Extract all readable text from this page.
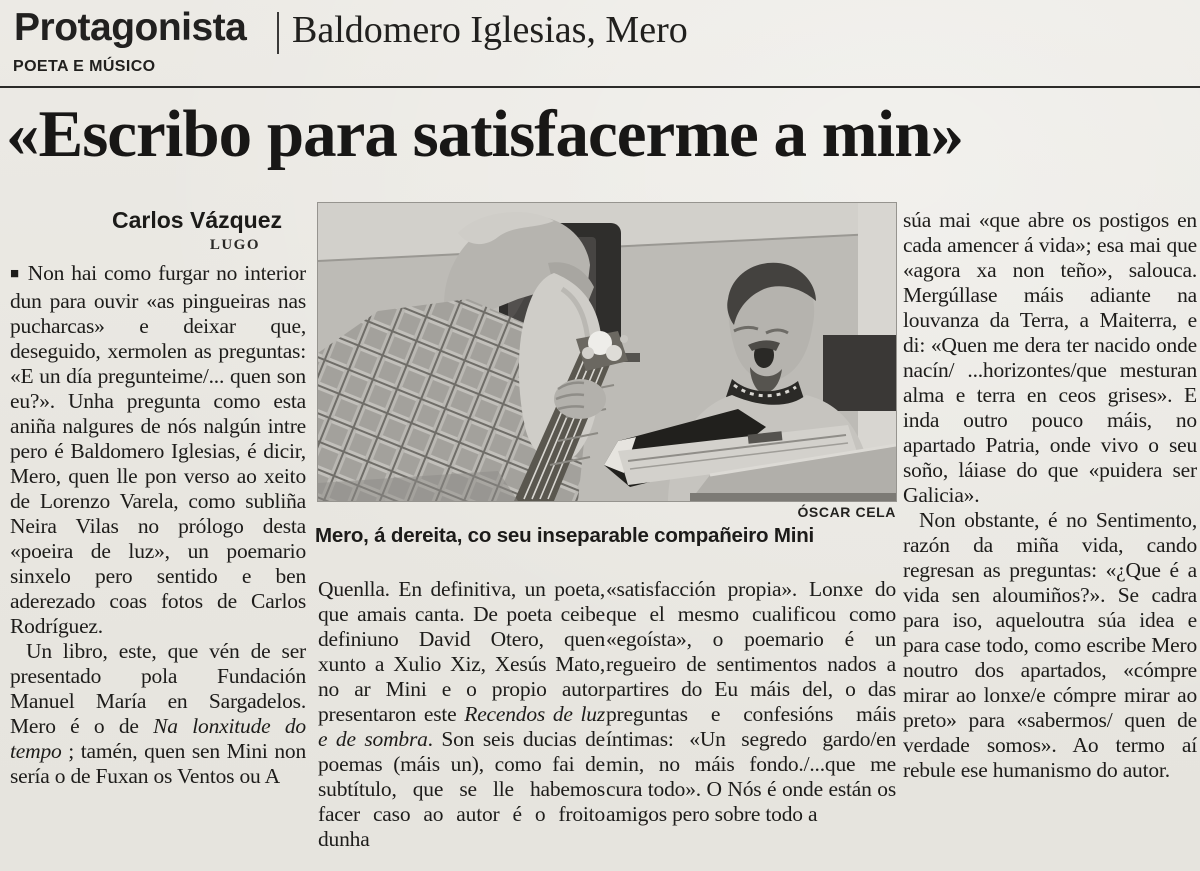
Protagonista Baldomero Iglesias, Mero
POETA E MÚSICO
«Escribo para satisfacerme a min»
Carlos Vázquez
LUGO

■ Non hai como furgar no interior dun para ouvir «as pingueiras nas pucharcas» e deixar que, deseguido, xermolen as preguntas: «E un día pregunteime/... quen son eu?». Unha pregunta como esta aniña nalgures de nós nalgún intre pero é Baldomero Iglesias, é dicir, Mero, quen lle pon verso ao xeito de Lorenzo Varela, como subliña Neira Vilas no prólogo desta «poeira de luz», un poemario sinxelo pero sentido e ben aderezado coas fotos de Carlos Rodríguez.

Un libro, este, que vén de ser presentado pola Fundación Manuel María en Sargadelos. Mero é o de Na lonxitude do tempo ; tamén, quen sen Mini non sería o de Fuxan os Ventos ou A

ÓSCAR CELA
Mero, á dereita, co seu inseparable compañeiro Mini

Quenlla. En definitiva, un poeta, que amais canta. De poeta ceibe definiuno David Otero, quen xunto a Xulio Xiz, Xesús Mato, no ar Mini e o propio autor presentaron este Recendos de luz e de sombra. Son seis ducias de poemas (máis un), como fai de subtítulo, que se lle habemos facer caso ao autor é o froito dunha

«satisfacción propia». Lonxe do que el mesmo cualificou como «egoísta», o poemario é un regueiro de sentimentos nados a partires do Eu máis del, o das preguntas e confesións máis íntimas: «Un segredo gardo/en min, no máis fondo./...que me cura todo». O Nós é onde están os amigos pero sobre todo a

súa mai «que abre os postigos en cada amencer á vida»; esa mai que «agora xa non teño», salouca. Mergúllase máis adiante na louvanza da Terra, a Maiterra, e di: «Quen me dera ter nacido onde nacín/ ...horizontes/que mesturan alma e terra en ceos grises». E inda outro pouco máis, no apartado Patria, onde vivo o seu soño, láiase do que «puidera ser Galicia».

Non obstante, é no Sentimento, razón da miña vida, cando regresan as preguntas: «¿Que é a vida sen aloumiños?». Se cadra para iso, aqueloutra súa idea e para case todo, como escribe Mero noutro dos apartados, «cómpre mirar ao lonxe/e cómpre mirar ao preto» para «sabermos/ quen de verdade somos». Ao termo aí rebule ese humanismo do autor.
